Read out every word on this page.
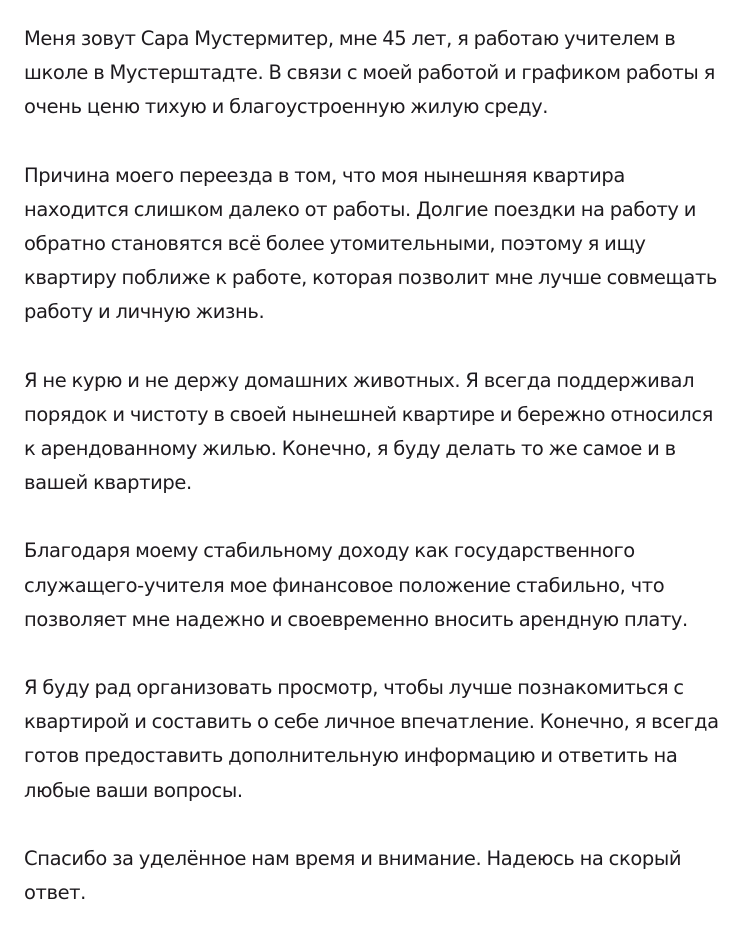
Меня зовут Сара Мустермитер, мне 45 лет, я работаю учителем в школе в Мустерштадте. В связи с моей работой и графиком работы я очень ценю тихую и благоустроенную жилую среду.

Причина моего переезда в том, что моя нынешняя квартира находится слишком далеко от работы. Долгие поездки на работу и обратно становятся всё более утомительными, поэтому я ищу квартиру поближе к работе, которая позволит мне лучше совмещать работу и личную жизнь.

Я не курю и не держу домашних животных. Я всегда поддерживал порядок и чистоту в своей нынешней квартире и бережно относился к арендованному жилью. Конечно, я буду делать то же самое и в вашей квартире.

Благодаря моему стабильному доходу как государственного служащего-учителя мое финансовое положение стабильно, что позволяет мне надежно и своевременно вносить арендную плату.

Я буду рад организовать просмотр, чтобы лучше познакомиться с квартирой и составить о себе личное впечатление. Конечно, я всегда готов предоставить дополнительную информацию и ответить на любые ваши вопросы.

Спасибо за уделённое нам время и внимание. Надеюсь на скорый ответ.
